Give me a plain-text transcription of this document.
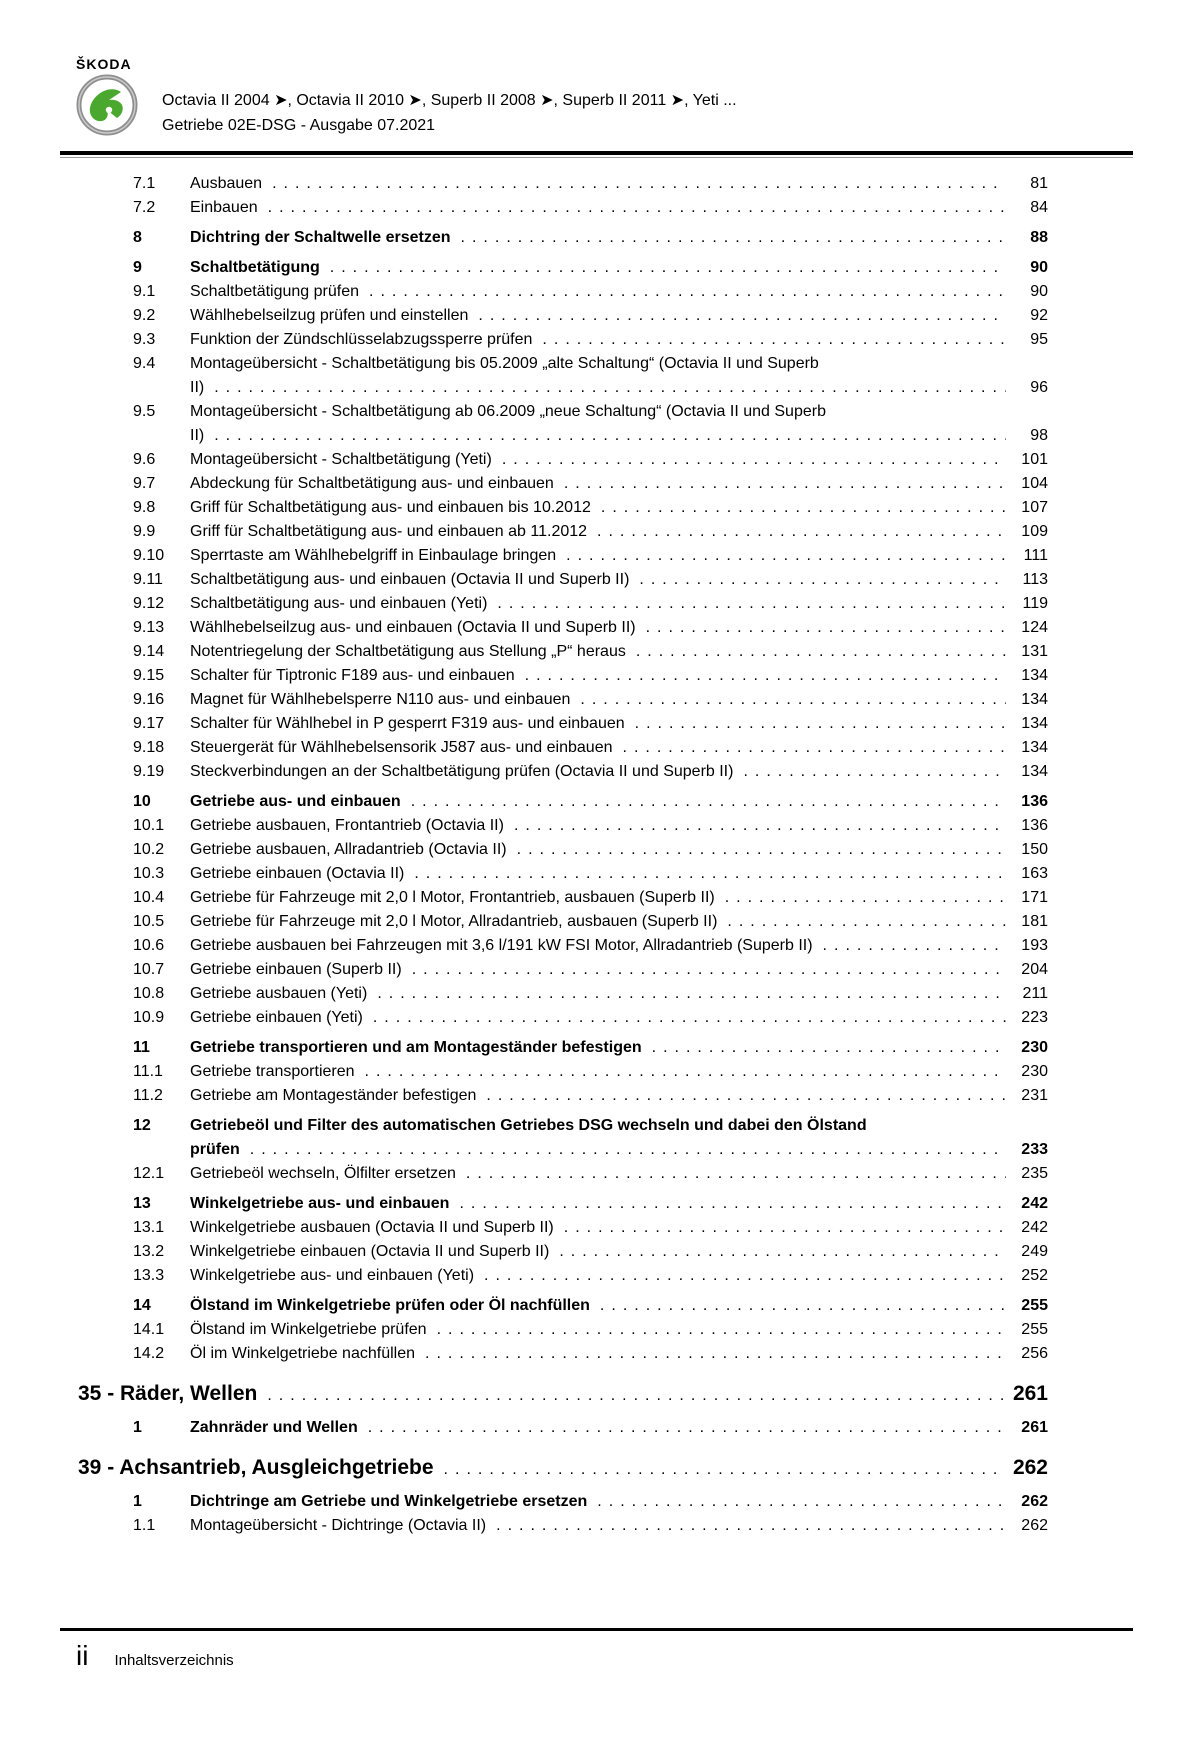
ŠKODA
Octavia II 2004 ➤, Octavia II 2010 ➤, Superb II 2008 ➤, Superb II 2011 ➤, Yeti ...
Getriebe 02E-DSG - Ausgabe 07.2021
7.1	Ausbauen .....	81
7.2	Einbauen .....	84
8	Dichtring der Schaltwelle ersetzen .....	88
9	Schaltbetätigung .....	90
9.1	Schaltbetätigung prüfen .....	90
9.2	Wählhebelseilzug prüfen und einstellen .....	92
9.3	Funktion der Zündschlüsselabzugssperre prüfen .....	95
9.4	Montageübersicht - Schaltbetätigung bis 05.2009 „alte Schaltung“ (Octavia II und Superb
II) .....	96
9.5	Montageübersicht - Schaltbetätigung ab 06.2009 „neue Schaltung“ (Octavia II und Superb
II) .....	98
9.6	Montageübersicht - Schaltbetätigung (Yeti) .....	101
9.7	Abdeckung für Schaltbetätigung aus- und einbauen .....	104
9.8	Griff für Schaltbetätigung aus- und einbauen bis 10.2012 .....	107
9.9	Griff für Schaltbetätigung aus- und einbauen ab 11.2012 .....	109
9.10	Sperrtaste am Wählhebelgriff in Einbaulage bringen .....	111
9.11	Schaltbetätigung aus- und einbauen (Octavia II und Superb II) .....	113
9.12	Schaltbetätigung aus- und einbauen (Yeti) .....	119
9.13	Wählhebelseilzug aus- und einbauen (Octavia II und Superb II) .....	124
9.14	Notentriegelung der Schaltbetätigung aus Stellung „P“ heraus .....	131
9.15	Schalter für Tiptronic F189 aus- und einbauen .....	134
9.16	Magnet für Wählhebelsperre N110 aus- und einbauen .....	134
9.17	Schalter für Wählhebel in P gesperrt F319 aus- und einbauen .....	134
9.18	Steuergerät für Wählhebelsensorik J587 aus- und einbauen .....	134
9.19	Steckverbindungen an der Schaltbetätigung prüfen (Octavia II und Superb II) .....	134
10	Getriebe aus- und einbauen .....	136
10.1	Getriebe ausbauen, Frontantrieb (Octavia II) .....	136
10.2	Getriebe ausbauen, Allradantrieb (Octavia II) .....	150
10.3	Getriebe einbauen (Octavia II) .....	163
10.4	Getriebe für Fahrzeuge mit 2,0 l Motor, Frontantrieb, ausbauen (Superb II) .....	171
10.5	Getriebe für Fahrzeuge mit 2,0 l Motor, Allradantrieb, ausbauen (Superb II) .....	181
10.6	Getriebe ausbauen bei Fahrzeugen mit 3,6 l/191 kW FSI Motor, Allradantrieb (Superb II) .....	193
10.7	Getriebe einbauen (Superb II) .....	204
10.8	Getriebe ausbauen (Yeti) .....	211
10.9	Getriebe einbauen (Yeti) .....	223
11	Getriebe transportieren und am Montageständer befestigen .....	230
11.1	Getriebe transportieren .....	230
11.2	Getriebe am Montageständer befestigen .....	231
12	Getriebeöl und Filter des automatischen Getriebes DSG wechseln und dabei den Ölstand
prüfen .....	233
12.1	Getriebeöl wechseln, Ölfilter ersetzen .....	235
13	Winkelgetriebe aus- und einbauen .....	242
13.1	Winkelgetriebe ausbauen (Octavia II und Superb II) .....	242
13.2	Winkelgetriebe einbauen (Octavia II und Superb II) .....	249
13.3	Winkelgetriebe aus- und einbauen (Yeti) .....	252
14	Ölstand im Winkelgetriebe prüfen oder Öl nachfüllen .....	255
14.1	Ölstand im Winkelgetriebe prüfen .....	255
14.2	Öl im Winkelgetriebe nachfüllen .....	256
35 - Räder, Wellen .....	261
1	Zahnräder und Wellen .....	261
39 - Achsantrieb, Ausgleichgetriebe .....	262
1	Dichtringe am Getriebe und Winkelgetriebe ersetzen .....	262
1.1	Montageübersicht - Dichtringe (Octavia II) .....	262
ii Inhaltsverzeichnis
